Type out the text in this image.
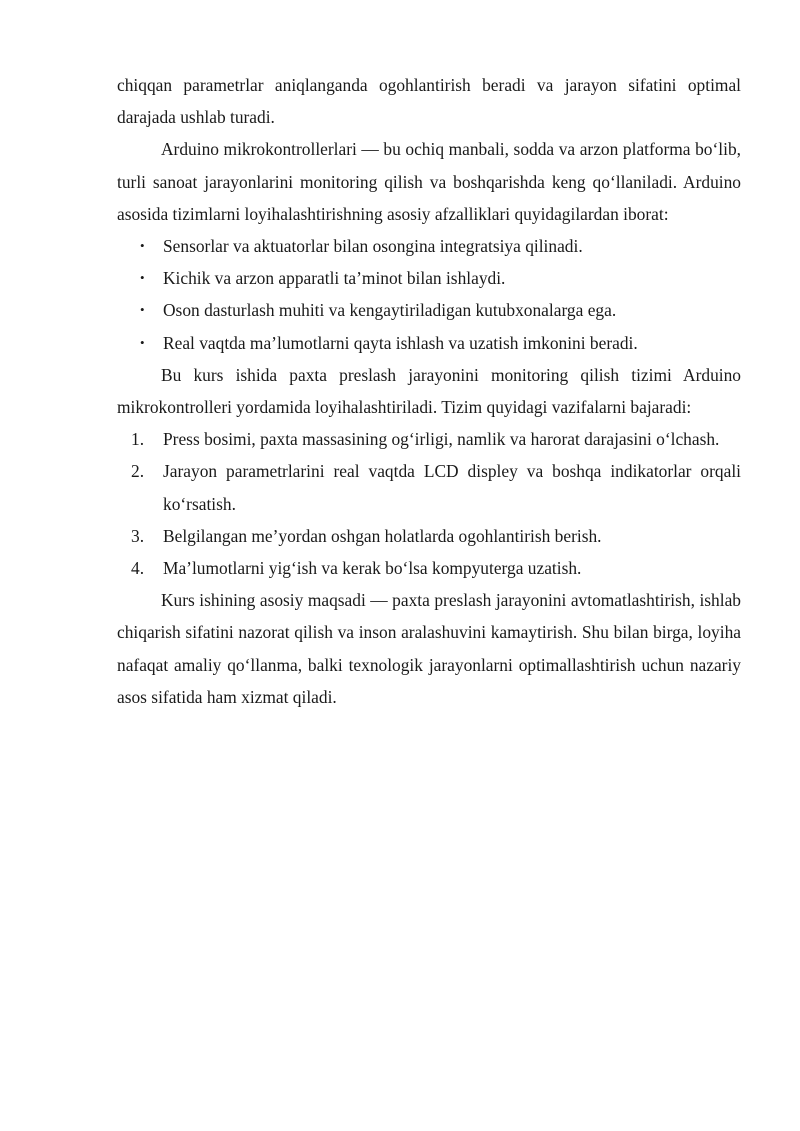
chiqqan parametrlar aniqlanganda ogohlantirish beradi va jarayon sifatini optimal darajada ushlab turadi.

Arduino mikrokontrollerlari — bu ochiq manbali, sodda va arzon platforma bo‘lib, turli sanoat jarayonlarini monitoring qilish va boshqarishda keng qo‘llaniladi. Arduino asosida tizimlarni loyihalashtirishning asosiy afzalliklari quyidagilardan iborat:

• Sensorlar va aktuatorlar bilan osongina integratsiya qilinadi.
• Kichik va arzon apparatli ta’minot bilan ishlaydi.
• Oson dasturlash muhiti va kengaytiriladigan kutubxonalarga ega.
• Real vaqtda ma’lumotlarni qayta ishlash va uzatish imkonini beradi.

Bu kurs ishida paxta preslash jarayonini monitoring qilish tizimi Arduino mikrokontrolleri yordamida loyihalashtiriladi. Tizim quyidagi vazifalarni bajaradi:

1. Press bosimi, paxta massasining og‘irligi, namlik va harorat darajasini o‘lchash.
2. Jarayon parametrlarini real vaqtda LCD displey va boshqa indikatorlar orqali ko‘rsatish.
3. Belgilangan me’yordan oshgan holatlarda ogohlantirish berish.
4. Ma’lumotlarni yig‘ish va kerak bo‘lsa kompyuterga uzatish.

Kurs ishining asosiy maqsadi — paxta preslash jarayonini avtomatlashtirish, ishlab chiqarish sifatini nazorat qilish va inson aralashuvini kamaytirish. Shu bilan birga, loyiha nafaqat amaliy qo‘llanma, balki texnologik jarayonlarni optimallashtirish uchun nazariy asos sifatida ham xizmat qiladi.
